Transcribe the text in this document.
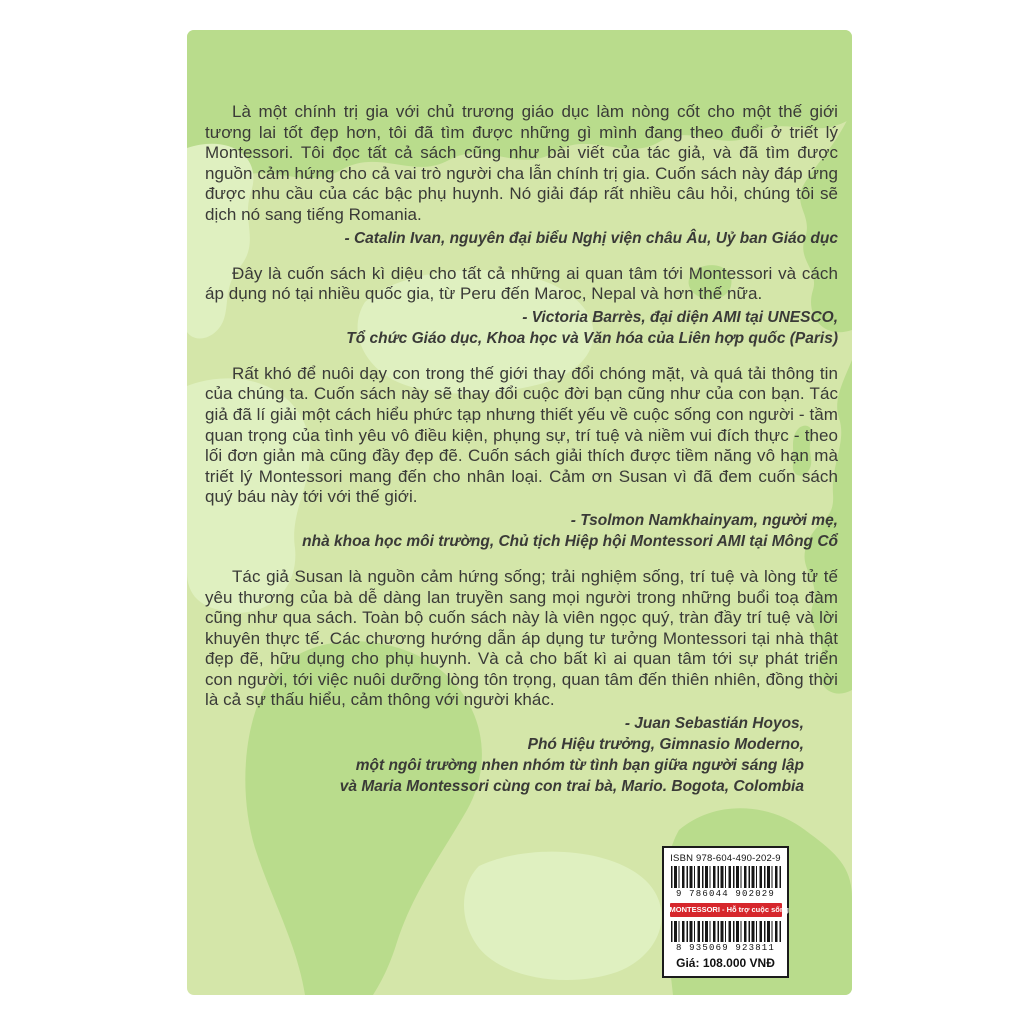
Là một chính trị gia với chủ trương giáo dục làm nòng cốt cho một thế giới tương lai tốt đẹp hơn, tôi đã tìm được những gì mình đang theo đuổi ở triết lý Montessori. Tôi đọc tất cả sách cũng như bài viết của tác giả, và đã tìm được nguồn cảm hứng cho cả vai trò người cha lẫn chính trị gia. Cuốn sách này đáp ứng được nhu cầu của các bậc phụ huynh. Nó giải đáp rất nhiều câu hỏi, chúng tôi sẽ dịch nó sang tiếng Romania.

- Catalin Ivan, nguyên đại biểu Nghị viện châu Âu, Uỷ ban Giáo dục

Đây là cuốn sách kì diệu cho tất cả những ai quan tâm tới Montessori và cách áp dụng nó tại nhiều quốc gia, từ Peru đến Maroc, Nepal và hơn thế nữa.

- Victoria Barrès, đại diện AMI tại UNESCO,
Tổ chức Giáo dục, Khoa học và Văn hóa của Liên hợp quốc (Paris)

Rất khó để nuôi dạy con trong thế giới thay đổi chóng mặt, và quá tải thông tin của chúng ta. Cuốn sách này sẽ thay đổi cuộc đời bạn cũng như của con bạn. Tác giả đã lí giải một cách hiểu phức tạp nhưng thiết yếu về cuộc sống con người - tầm quan trọng của tình yêu vô điều kiện, phụng sự, trí tuệ và niềm vui đích thực - theo lối đơn giản mà cũng đầy đẹp đẽ. Cuốn sách giải thích được tiềm năng vô hạn mà triết lý Montessori mang đến cho nhân loại. Cảm ơn Susan vì đã đem cuốn sách quý báu này tới với thế giới.

- Tsolmon Namkhainyam, người mẹ,
nhà khoa học môi trường, Chủ tịch Hiệp hội Montessori AMI tại Mông Cổ

Tác giả Susan là nguồn cảm hứng sống; trải nghiệm sống, trí tuệ và lòng tử tế yêu thương của bà dễ dàng lan truyền sang mọi người trong những buổi toạ đàm cũng như qua sách. Toàn bộ cuốn sách này là viên ngọc quý, tràn đầy trí tuệ và lời khuyên thực tế. Các chương hướng dẫn áp dụng tư tưởng Montessori tại nhà thật đẹp đẽ, hữu dụng cho phụ huynh. Và cả cho bất kì ai quan tâm tới sự phát triển con người, tới việc nuôi dưỡng lòng tôn trọng, quan tâm đến thiên nhiên, đồng thời là cả sự thấu hiểu, cảm thông với người khác.

- Juan Sebastián Hoyos,
Phó Hiệu trưởng, Gimnasio Moderno,
một ngôi trường nhen nhóm từ tình bạn giữa người sáng lập
và Maria Montessori cùng con trai bà, Mario. Bogota, Colombia
ISBN 978-604-490-202-9
9 786044 902029
MONTESSORI - Hỗ trợ cuộc sống
8 935069 923811
Giá: 108.000 VNĐ
